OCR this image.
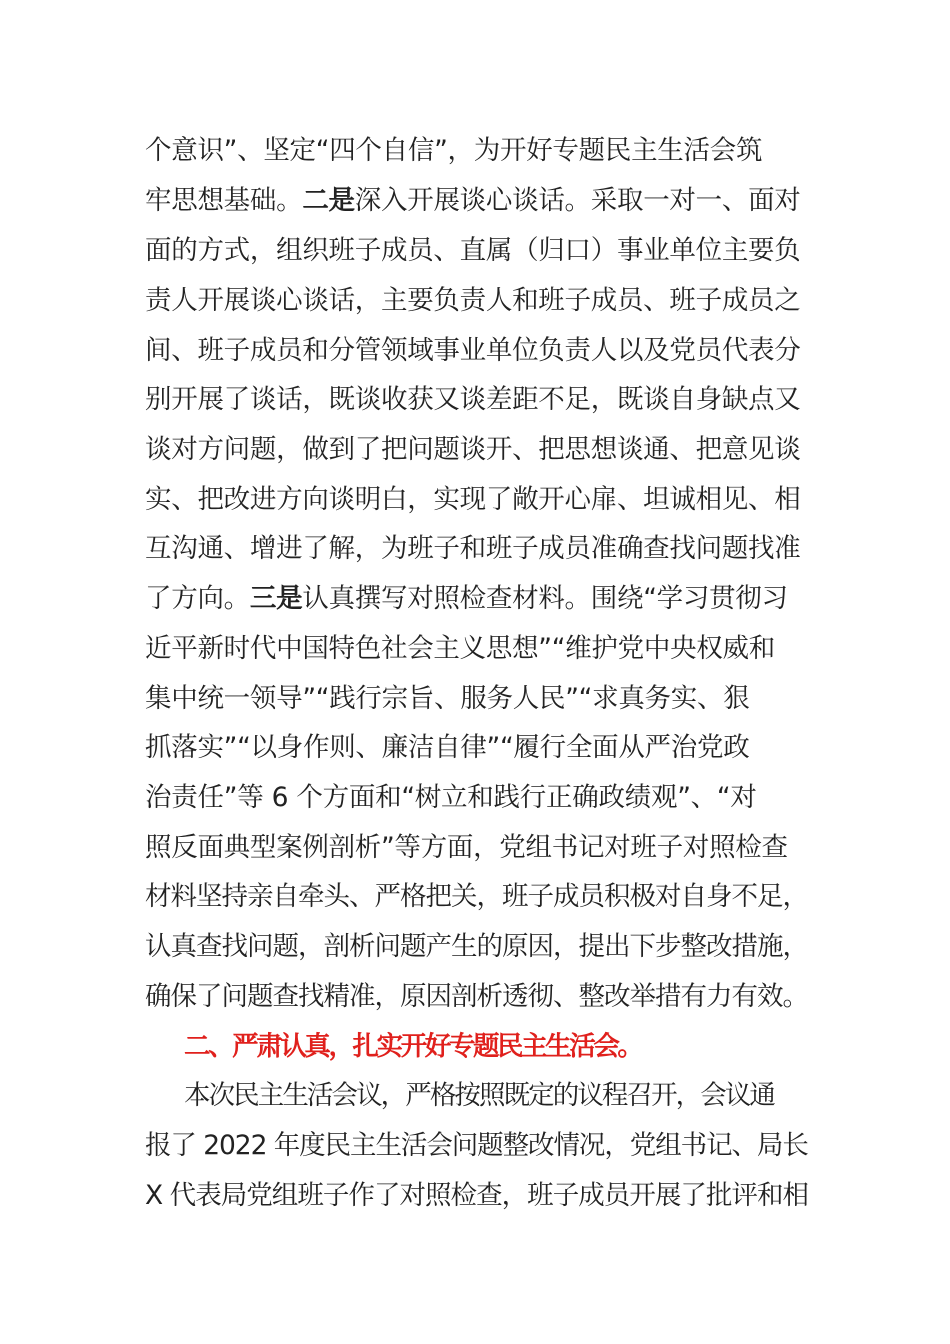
个意识”、坚定“四个自信”，为开好专题民主生活会筑
牢思想基础。二是深入开展谈心谈话。采取一对一、面对
面的方式，组织班子成员、直属（归口）事业单位主要负
责人开展谈心谈话，主要负责人和班子成员、班子成员之
间、班子成员和分管领域事业单位负责人以及党员代表分
别开展了谈话，既谈收获又谈差距不足，既谈自身缺点又
谈对方问题，做到了把问题谈开、把思想谈通、把意见谈
实、把改进方向谈明白，实现了敞开心扉、坦诚相见、相
互沟通、增进了解，为班子和班子成员准确查找问题找准
了方向。三是认真撰写对照检查材料。围绕“学习贯彻习
近平新时代中国特色社会主义思想”“维护党中央权威和
集中统一领导”“践行宗旨、服务人民”“求真务实、狠
抓落实”“以身作则、廉洁自律”“履行全面从严治党政
治责任”等 6 个方面和“树立和践行正确政绩观”、“对
照反面典型案例剖析”等方面，党组书记对班子对照检查
材料坚持亲自牵头、严格把关，班子成员积极对自身不足，
认真查找问题，剖析问题产生的原因，提出下步整改措施，
确保了问题查找精准，原因剖析透彻、整改举措有力有效。
二、严肃认真，扎实开好专题民主生活会。
本次民主生活会议，严格按照既定的议程召开，会议通
报了 2022 年度民主生活会问题整改情况，党组书记、局长
X 代表局党组班子作了对照检查，班子成员开展了批评和相
